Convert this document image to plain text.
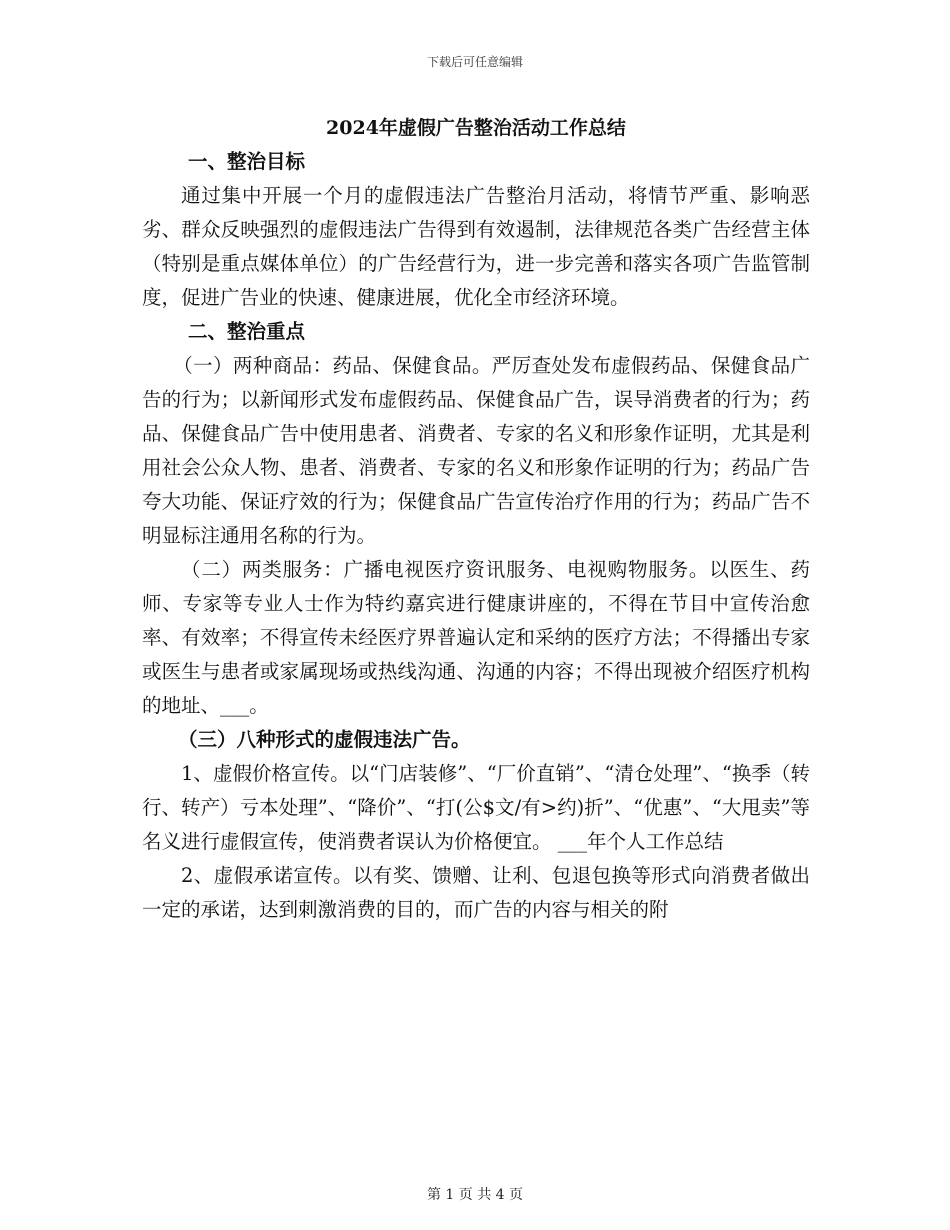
下载后可任意编辑
2024年虚假广告整治活动工作总结
一、整治目标
通过集中开展一个月的虚假违法广告整治月活动，将情节严重、影响恶劣、群众反映强烈的虚假违法广告得到有效遏制，法律规范各类广告经营主体（特别是重点媒体单位）的广告经营行为，进一步完善和落实各项广告监管制度，促进广告业的快速、健康进展，优化全市经济环境。
二、整治重点
（一）两种商品：药品、保健食品。严厉查处发布虚假药品、保健食品广告的行为；以新闻形式发布虚假药品、保健食品广告，误导消费者的行为；药品、保健食品广告中使用患者、消费者、专家的名义和形象作证明，尤其是利用社会公众人物、患者、消费者、专家的名义和形象作证明的行为；药品广告夸大功能、保证疗效的行为；保健食品广告宣传治疗作用的行为；药品广告不明显标注通用名称的行为。
（二）两类服务：广播电视医疗资讯服务、电视购物服务。以医生、药师、专家等专业人士作为特约嘉宾进行健康讲座的，不得在节目中宣传治愈率、有效率；不得宣传未经医疗界普遍认定和采纳的医疗方法；不得播出专家或医生与患者或家属现场或热线沟通、沟通的内容；不得出现被介绍医疗机构的地址、___。
（三）八种形式的虚假违法广告。
1、虚假价格宣传。以“门店装修”、“厂价直销”、“清仓处理”、“换季（转行、转产）亏本处理”、“降价”、“打(公$文/有>约)折”、“优惠”、“大甩卖”等名义进行虚假宣传，使消费者误认为价格便宜。 ___年个人工作总结
2、虚假承诺宣传。以有奖、馈赠、让利、包退包换等形式向消费者做出一定的承诺，达到刺激消费的目的，而广告的内容与相关的附
第 1 页 共 4 页
